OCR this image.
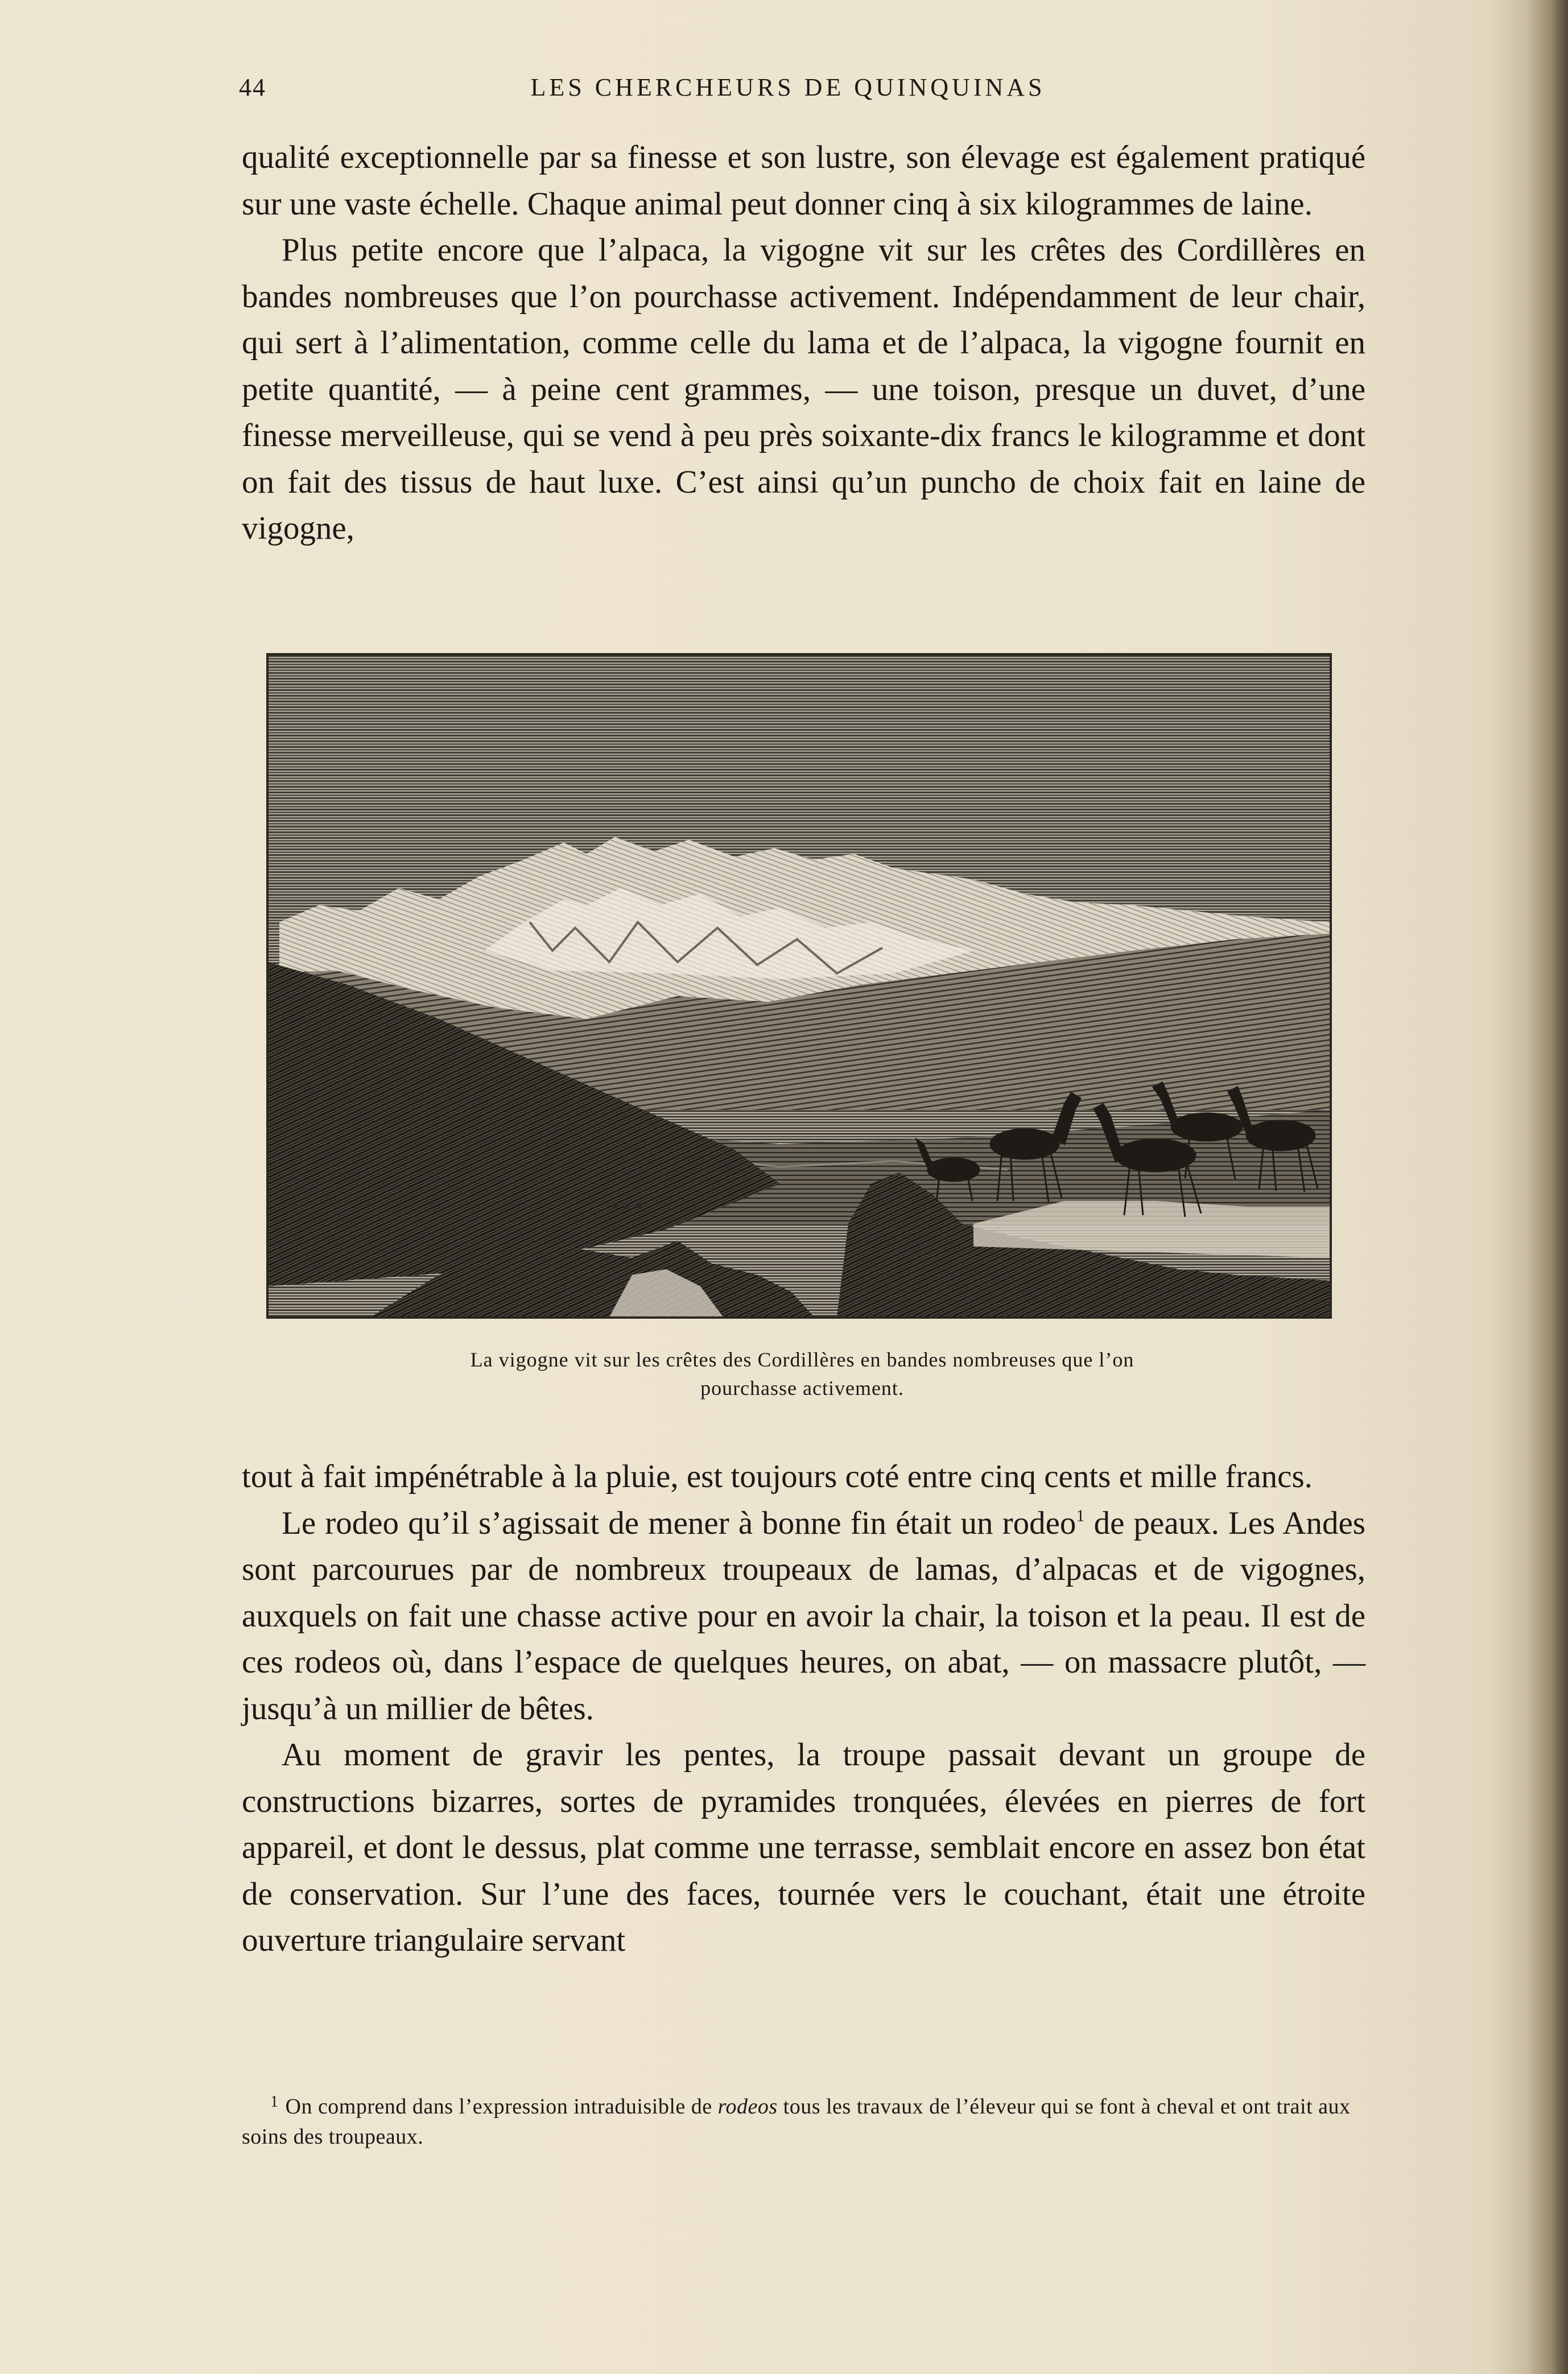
44	LES CHERCHEURS DE QUINQUINAS

qualité exceptionnelle par sa finesse et son lustre, son élevage est également pratiqué sur une vaste échelle. Chaque animal peut donner cinq à six kilogrammes de laine.

Plus petite encore que l’alpaca, la vigogne vit sur les crêtes des Cordillères en bandes nombreuses que l’on pourchasse activement. Indépendamment de leur chair, qui sert à l’alimentation, comme celle du lama et de l’alpaca, la vigogne fournit en petite quantité, — à peine cent grammes, — une toison, presque un duvet, d’une finesse merveilleuse, qui se vend à peu près soixante-dix francs le kilogramme et dont on fait des tissus de haut luxe. C’est ainsi qu’un puncho de choix fait en laine de vigogne,

La vigogne vit sur les crêtes des Cordillères en bandes nombreuses que l’on
pourchasse activement.

tout à fait impénétrable à la pluie, est toujours coté entre cinq cents et mille francs.

Le rodeo qu’il s’agissait de mener à bonne fin était un rodeo$^1$ de peaux. Les Andes sont parcourues par de nombreux troupeaux de lamas, d’alpacas et de vigognes, auxquels on fait une chasse active pour en avoir la chair, la toison et la peau. Il est de ces rodeos où, dans l’espace de quelques heures, on abat, — on massacre plutôt, — jusqu’à un millier de bêtes.

Au moment de gravir les pentes, la troupe passait devant un groupe de constructions bizarres, sortes de pyramides tronquées, élevées en pierres de fort appareil, et dont le dessus, plat comme une terrasse, semblait encore en assez bon état de conservation. Sur l’une des faces, tournée vers le couchant, était une étroite ouverture triangulaire servant

$^1$ On comprend dans l’expression intraduisible de rodeos tous les travaux de l’éleveur qui se font à cheval et ont trait aux soins des troupeaux.
